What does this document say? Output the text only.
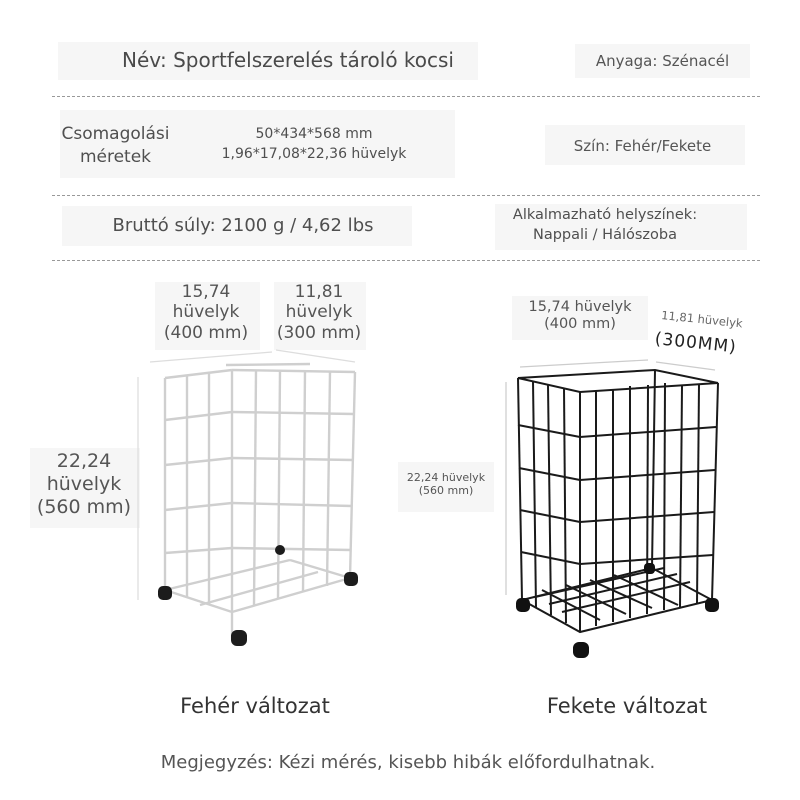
Név: Sportfelszerelés tároló kocsi	Anyaga: Szénacél
Csomagolási
méretek
50*434*568 mm
1,96*17,08*22,36 hüvelyk	Szín: Fehér/Fekete
Bruttó súly: 2100 g / 4,62 lbs	Alkalmazható helyszínek:
Nappali / Hálószoba
15,74
hüvelyk
(400 mm)
11,81
hüvelyk
(300 mm)
22,24
hüvelyk
(560 mm)
15,74 hüvelyk
(400 mm)	11,81 hüvelyk
(300MM)
22,24 hüvelyk
(560 mm)
Fehér változat	Fekete változat
Megjegyzés: Kézi mérés, kisebb hibák előfordulhatnak.
